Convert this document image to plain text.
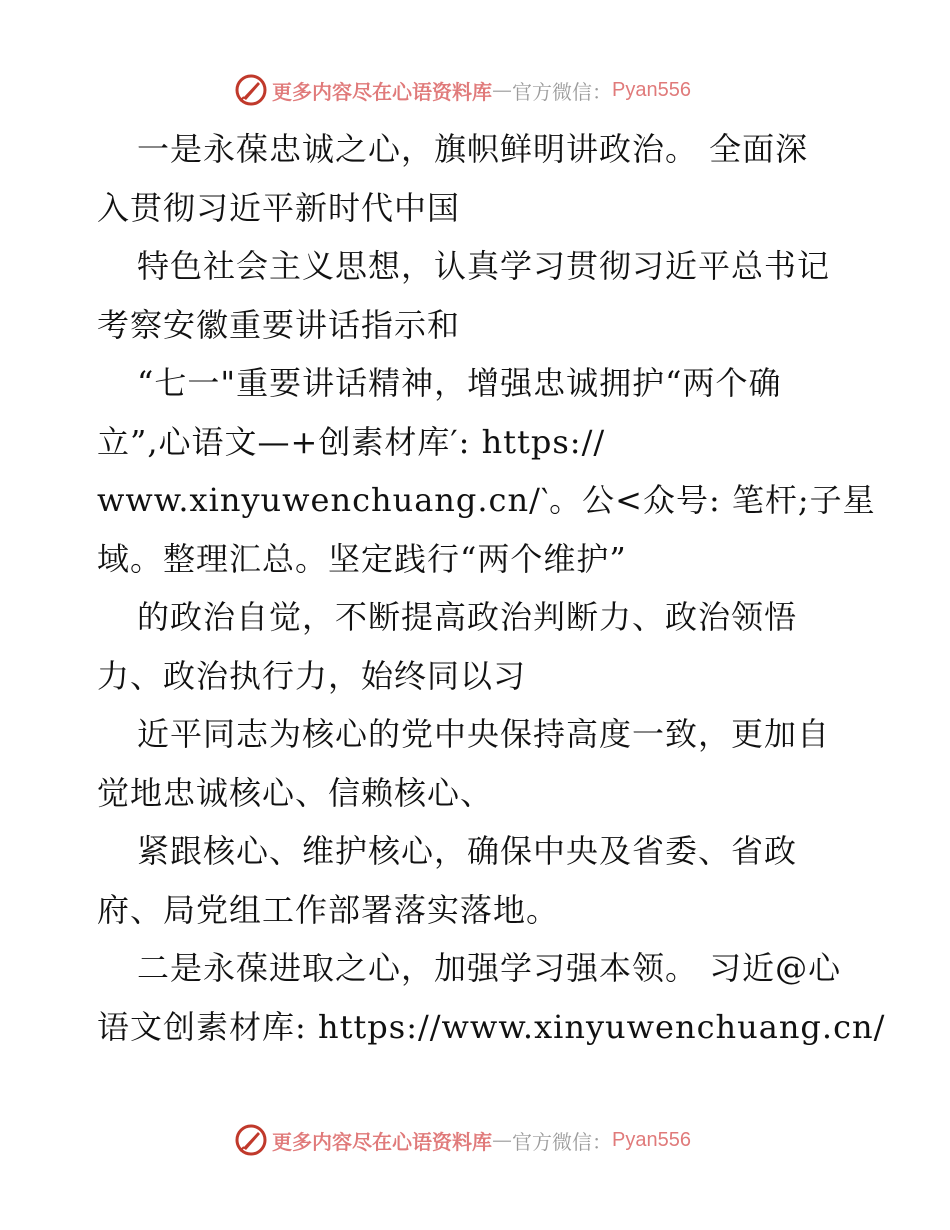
更多内容尽在心语资料库 — 官方微信： Pyan556
一是永葆忠诚之心，旗帜鲜明讲政治。 全面深
入贯彻习近平新时代中国
特色社会主义思想，认真学习贯彻习近平总书记
考察安徽重要讲话指示和
“七一"重要讲话精神，增强忠诚拥护“两个确
立”,心语文—+创素材库′: https://
www.xinyuwenchuang.cn/‵。公<众号: 笔杆;子星
域。整理汇总。坚定践行“两个维护”
的政治自觉，不断提高政治判断力、政治领悟
力、政治执行力，始终同以习
近平同志为核心的党中央保持高度一致，更加自
觉地忠诚核心、信赖核心、
紧跟核心、维护核心，确保中央及省委、省政
府、局党组工作部署落实落地。
二是永葆进取之心，加强学习强本领。 习近@心
语文创素材库: https://www.xinyuwenchuang.cn/
更多内容尽在心语资料库 — 官方微信： Pyan556
